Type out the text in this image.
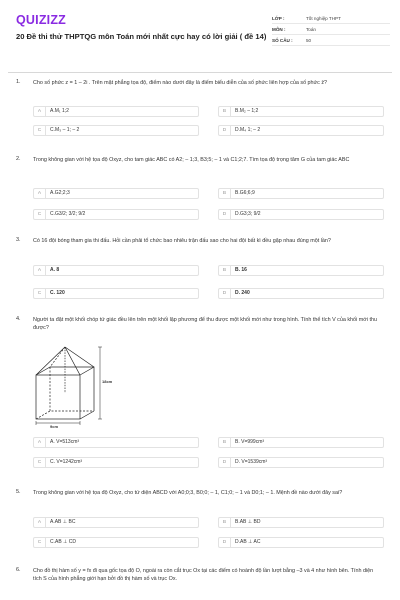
QUIZIZZ
20 Đề thi thử THPTQG môn Toán mới nhất cực hay có lời giải ( đề 14)
LỚP :	Tốt nghiệp THPT
MÔN :	Toán
SỐ CÂU :	50
1. Cho số phức z = 1 – 2i . Trên mặt phẳng tọa độ, điểm nào dưới đây là điểm biểu diễn của số phức liên hợp của số phức z̄?
A	A.M₁ 1;2	B	B.M₂ – 1;2
C	C.M₃ – 1; – 2	D	D.M₄ 1; – 2
2. Trong không gian với hệ tọa độ Oxyz, cho tam giác ABC có A2; – 1;3, B3;5; – 1 và C1;2;7. Tìm tọa độ trọng tâm G của tam giác ABC
A	A.G2;2;3	B	B.G6;6;9
C	C.G3/2; 3/2; 9/2	D	D.G3;3; 9/2
3. Có 16 đội bóng tham gia thi đấu. Hỏi cần phải tổ chức bao nhiêu trận đấu sao cho hai đội bất kì đều gặp nhau đúng một lần?
A	A. 8	B	B. 16
C	C. 120	D	D. 240
4. Người ta đặt một khối chóp tứ giác đều lên trên một khối lập phương để thu được một khối mới như trong hình. Tính thể tích V của khối mới thu được?
A	A. V=513cm³	B	B. V=999cm³
C	C. V=1242cm³	D	D. V=1539cm³
18cm
9cm
5. Trong không gian với hệ tọa độ Oxyz, cho tứ diện ABCD với A0;0;3, B0;0; – 1, C1;0; – 1 và D0;1; – 1. Mệnh đề nào dưới đây sai?
A	A.AB ⊥ BC	B	B.AB ⊥ BD
C	C.AB ⊥ CD	D	D.AB ⊥ AC
6. Cho đồ thị hàm số y = fx đi qua gốc tọa độ O, ngoài ra còn cắt trục Ox tại các điểm có hoành độ lần lượt bằng –3 và 4 như hình bên. Tính diện tích S của hình phẳng giới hạn bởi đồ thị hàm số và trục Ox.
